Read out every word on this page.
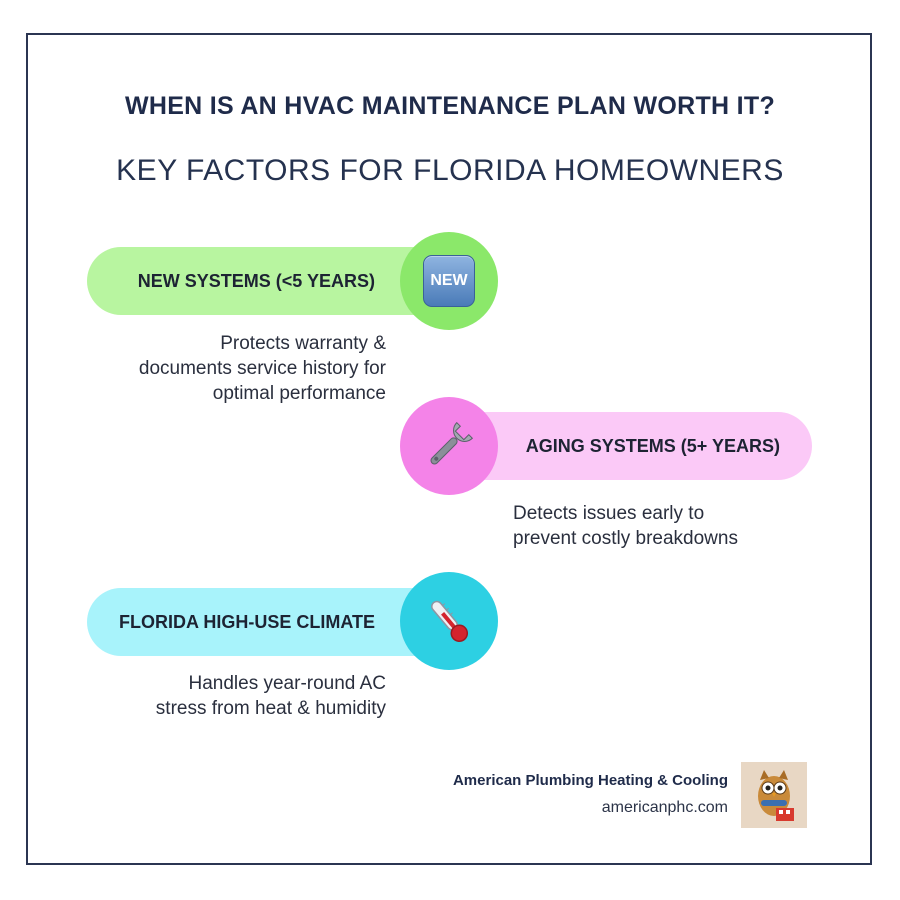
WHEN IS AN HVAC MAINTENANCE PLAN WORTH IT?
KEY FACTORS FOR FLORIDA HOMEOWNERS
NEW SYSTEMS (<5 YEARS)	NEW

Protects warranty &
documents service history for
optimal performance

AGING SYSTEMS (5+ YEARS)

Detects issues early to
prevent costly breakdowns

FLORIDA HIGH-USE CLIMATE

Handles year-round AC
stress from heat & humidity

American Plumbing Heating & Cooling
americanphc.com
